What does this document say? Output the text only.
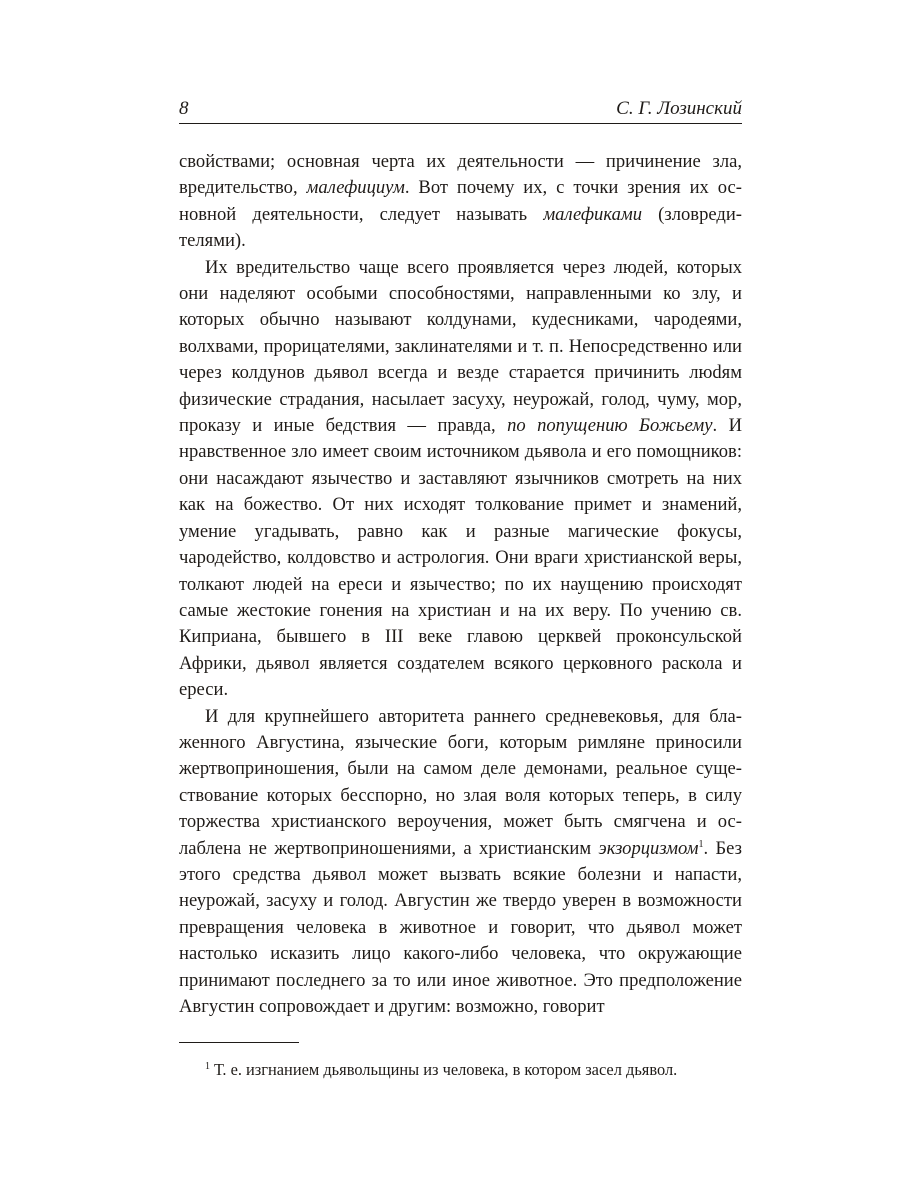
8	С. Г. Лозинский

свойствами; основная черта их деятельности — причинение зла, вредительство, малефициум. Вот почему их, с точки зрения их основной деятельности, следует называть малефиками (зловредителями).

Их вредительство чаще всего проявляется через людей, которых они наделяют особыми способностями, направленными ко злу, и которых обычно называют колдунами, кудесниками, чародеями, волхвами, прорицателями, заклинателями и т. п. Непосредственно или через колдунов дьявол всегда и везде старается причинить люdям физические страдания, насылает засуху, неурожай, голод, чуму, мор, проказу и иные бедствия — правда, по попущению Божьему. И нравственное зло имеет своим источником дьявола и его помощников: они насаждают язычество и заставляют язычников смотреть на них как на божество. От них исходят толкование примет и знамений, умение угадывать, равно как и разные магические фокусы, чародейство, колдовство и астрология. Они враги христианской веры, толкают людей на ереси и язычество; по их наущению происходят самые жестокие гонения на христиан и на их веру. По учению св. Киприана, бывшего в III веке главою церквей проконсульской Африки, дьявол является создателем всякого церковного раскола и ереси.

И для крупнейшего авторитета раннего средневековья, для блаженного Августина, языческие боги, которым римляне приносили жертвоприношения, были на самом деле демонами, реальное существование которых бесспорно, но злая воля которых теперь, в силу торжества христианского вероучения, может быть смягчена и ослаблена не жертвоприношениями, а христианским экзорцизмом$^1$. Без этого средства дьявол может вызвать всякие болезни и напасти, неурожай, засуху и голод. Августин же твердо уверен в возможности превращения человека в животное и говорит, что дьявол может настолько исказить лицо какого-либо человека, что окружающие принимают последнего за то или иное животное. Это предположение Августин сопровождает и другим: возможно, говорит

$^1$ Т. е. изгнанием дьявольщины из человека, в котором засел дьявол.
